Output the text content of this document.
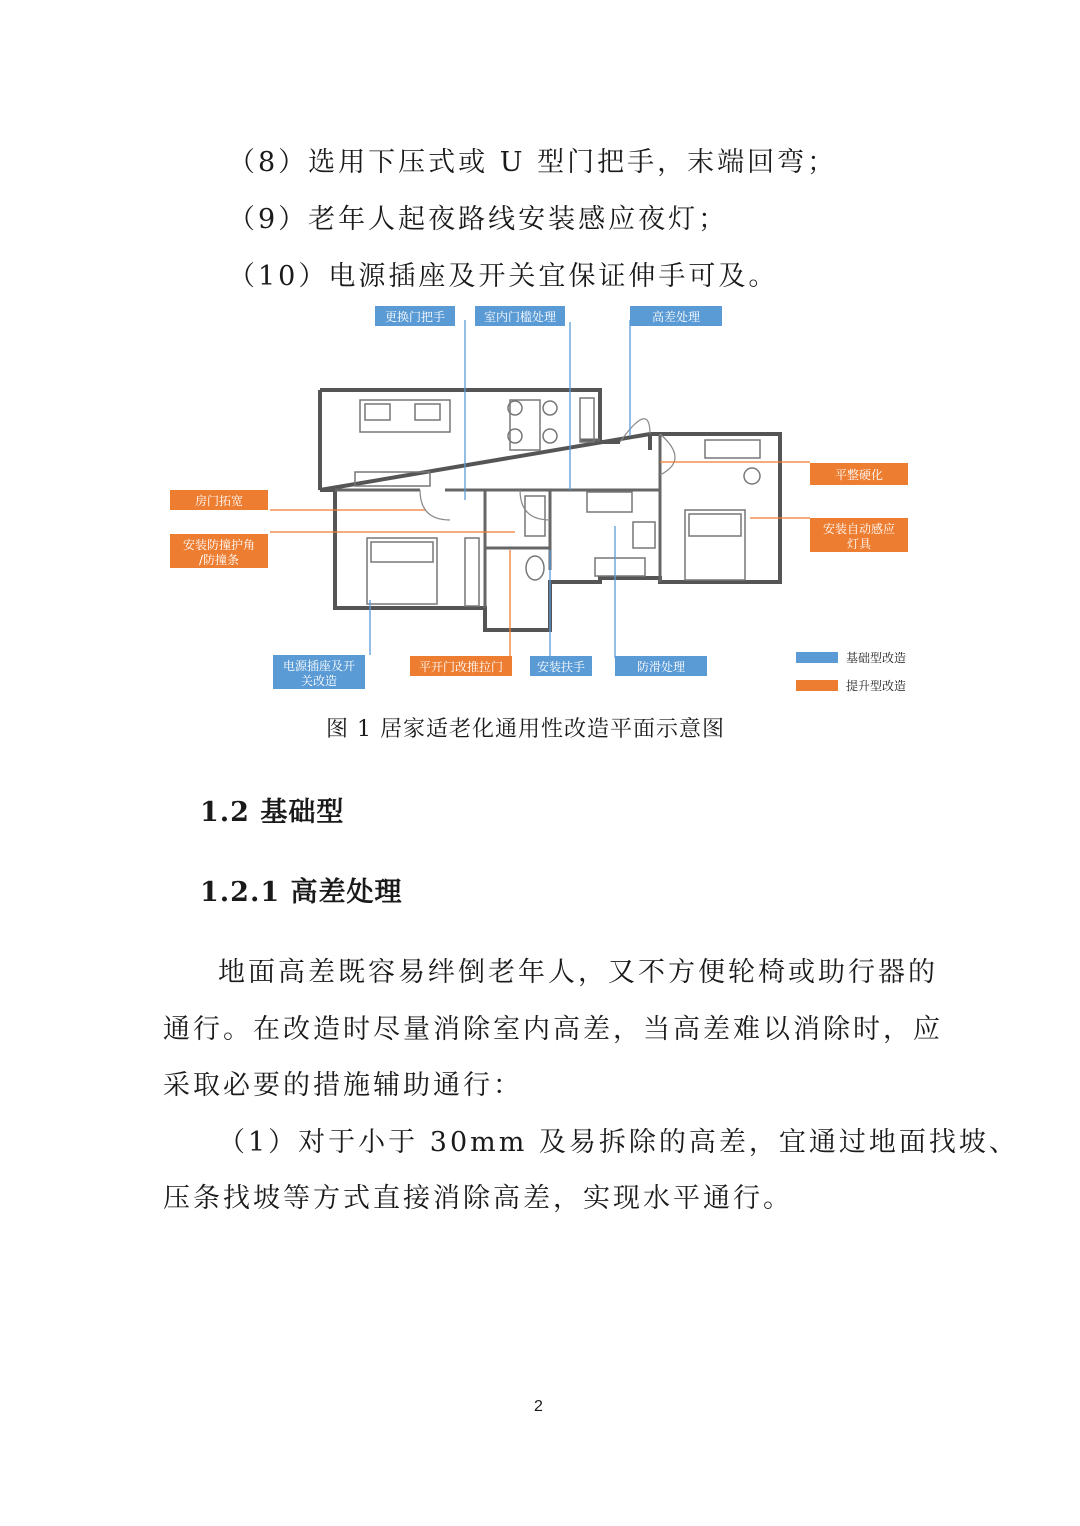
（8）选用下压式或 U 型门把手，末端回弯；
（9）老年人起夜路线安装感应夜灯；
（10）电源插座及开关宜保证伸手可及。
更换门把手	室内门槛处理	高差处理
平整硬化
房门拓宽
安装自动感应
灯具
安装防撞护角
/防撞条
电源插座及开
关改造
平开门改推拉门	安装扶手	防滑处理
基础型改造
提升型改造
图 1 居家适老化通用性改造平面示意图
1.2 基础型
1.2.1 高差处理
地面高差既容易绊倒老年人，又不方便轮椅或助行器的
通行。在改造时尽量消除室内高差，当高差难以消除时，应
采取必要的措施辅助通行：
（1）对于小于 30mm 及易拆除的高差，宜通过地面找坡、
压条找坡等方式直接消除高差，实现水平通行。
2
